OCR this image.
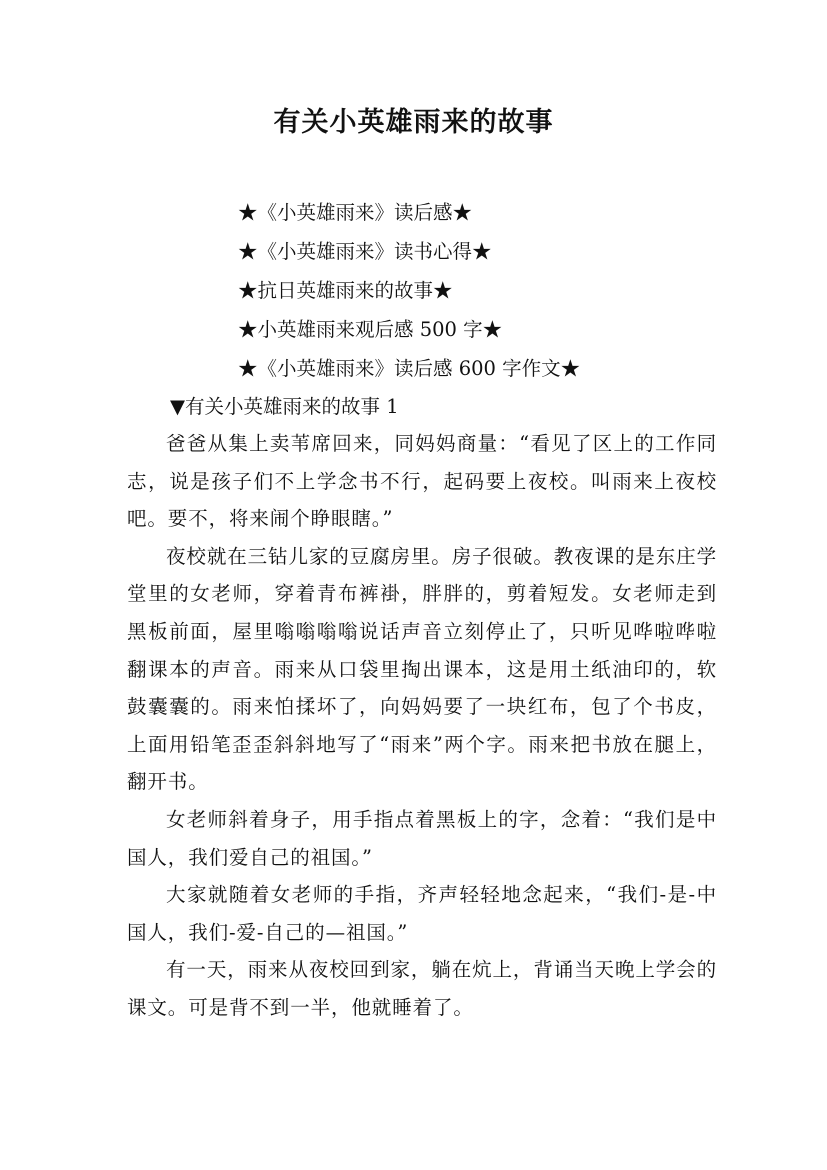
有关小英雄雨来的故事
★《小英雄雨来》读后感★
★《小英雄雨来》读书心得★
★抗日英雄雨来的故事★
★小英雄雨来观后感 500 字★
★《小英雄雨来》读后感 600 字作文★
▼有关小英雄雨来的故事 1

爸爸从集上卖苇席回来，同妈妈商量：“看见了区上的工作同志，说是孩子们不上学念书不行，起码要上夜校。叫雨来上夜校吧。要不，将来闹个睁眼瞎。”

夜校就在三钻儿家的豆腐房里。房子很破。教夜课的是东庄学堂里的女老师，穿着青布裤褂，胖胖的，剪着短发。女老师走到黑板前面，屋里嗡嗡嗡嗡说话声音立刻停止了，只听见哗啦哗啦翻课本的声音。雨来从口袋里掏出课本，这是用土纸油印的，软鼓囊囊的。雨来怕揉坏了，向妈妈要了一块红布，包了个书皮，上面用铅笔歪歪斜斜地写了“雨来”两个字。雨来把书放在腿上，翻开书。

女老师斜着身子，用手指点着黑板上的字，念着：“我们是中国人，我们爱自己的祖国。”

大家就随着女老师的手指，齐声轻轻地念起来，“我们-是-中国人，我们-爱-自己的—祖国。”

有一天，雨来从夜校回到家，躺在炕上，背诵当天晚上学会的课文。可是背不到一半，他就睡着了。
